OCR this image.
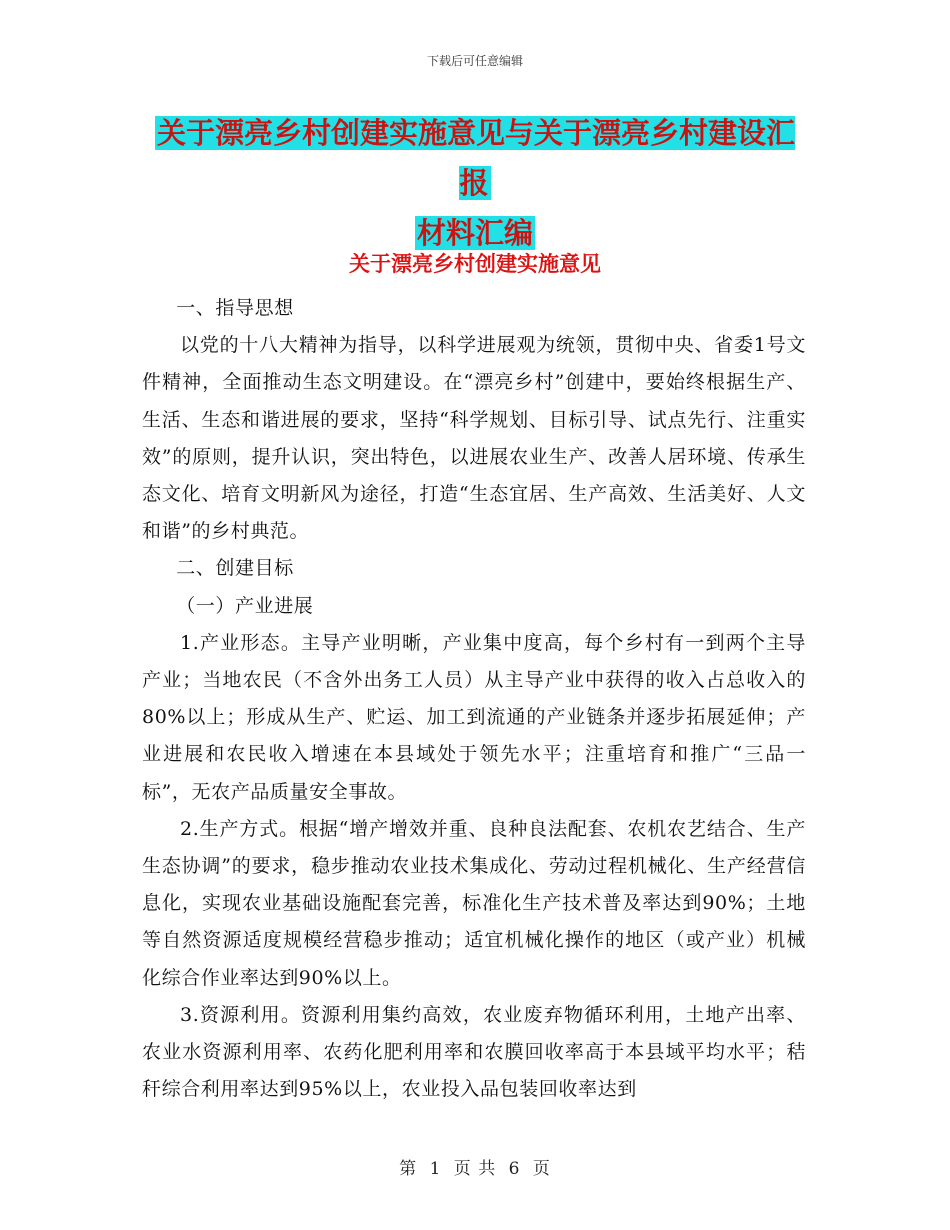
下载后可任意编辑
关于漂亮乡村创建实施意见与关于漂亮乡村建设汇报
材料汇编
关于漂亮乡村创建实施意见

一、指导思想

以党的十八大精神为指导，以科学进展观为统领，贯彻中央、省委1号文件精神，全面推动生态文明建设。在“漂亮乡村”创建中，要始终根据生产、生活、生态和谐进展的要求，坚持“科学规划、目标引导、试点先行、注重实效”的原则，提升认识，突出特色，以进展农业生产、改善人居环境、传承生态文化、培育文明新风为途径，打造“生态宜居、生产高效、生活美好、人文和谐”的乡村典范。

二、创建目标

（一）产业进展

1.产业形态。主导产业明晰，产业集中度高，每个乡村有一到两个主导产业；当地农民（不含外出务工人员）从主导产业中获得的收入占总收入的80%以上；形成从生产、贮运、加工到流通的产业链条并逐步拓展延伸；产业进展和农民收入增速在本县域处于领先水平；注重培育和推广“三品一标”，无农产品质量安全事故。

2.生产方式。根据“增产增效并重、良种良法配套、农机农艺结合、生产生态协调”的要求，稳步推动农业技术集成化、劳动过程机械化、生产经营信息化，实现农业基础设施配套完善，标准化生产技术普及率达到90%；土地等自然资源适度规模经营稳步推动；适宜机械化操作的地区（或产业）机械化综合作业率达到90%以上。

3.资源利用。资源利用集约高效，农业废弃物循环利用，土地产出率、农业水资源利用率、农药化肥利用率和农膜回收率高于本县域平均水平；秸秆综合利用率达到95%以上，农业投入品包装回收率达到

第 1 页 共 6 页
